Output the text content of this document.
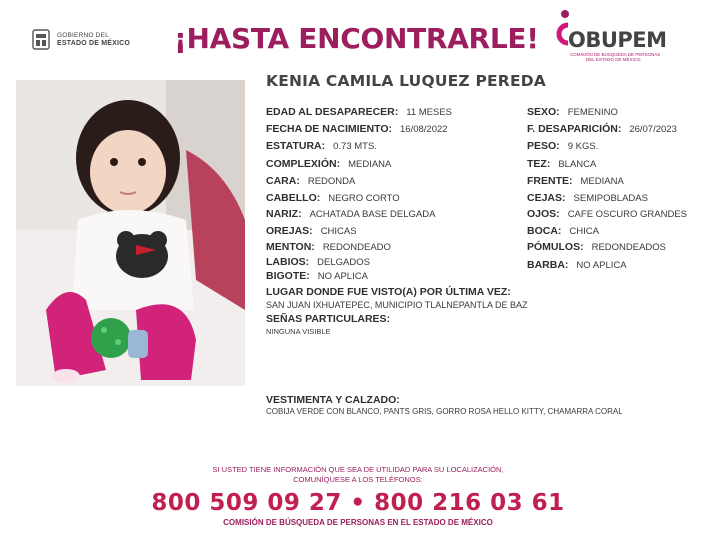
GOBIERNO DEL
ESTADO DE MÉXICO ¡HASTA ENCONTRARLE! OBUPEM
COMISIÓN DE BÚSQUEDA DE PERSONAS
DEL ESTADO DE MÉXICO
KENIA CAMILA LUQUEZ PEREDA
EDAD AL DESAPARECER: 11 MESES
FECHA DE NACIMIENTO: 16/08/2022
ESTATURA: 0.73 MTS.
COMPLEXIÓN: MEDIANA
CARA: REDONDA
CABELLO: NEGRO CORTO
NARIZ: ACHATADA BASE DELGADA
OREJAS: CHICAS
MENTON: REDONDEADO
LABIOS: DELGADOS
BIGOTE: NO APLICA
SEXO: FEMENINO
F. DESAPARICIÓN: 26/07/2023
PESO: 9 KGS.
TEZ: BLANCA
FRENTE: MEDIANA
CEJAS: SEMIPOBLADAS
OJOS: CAFE OSCURO GRANDES
BOCA: CHICA
PÓMULOS: REDONDEADOS
BARBA: NO APLICA
LUGAR DONDE FUE VISTO(A) POR ÚLTIMA VEZ:
SAN JUAN IXHUATEPEC, MUNICIPIO TLALNEPANTLA DE BAZ
SEÑAS PARTICULARES:
NINGUNA VISIBLE
VESTIMENTA Y CALZADO:
COBIJA VERDE CON BLANCO, PANTS GRIS, GORRO ROSA HELLO KITTY, CHAMARRA CORAL
SI USTED TIENE INFORMACIÓN QUE SEA DE UTILIDAD PARA SU LOCALIZACIÓN,
COMUNÍQUESE A LOS TELÉFONOS:
800 509 09 27 • 800 216 03 61
COMISIÓN DE BÚSQUEDA DE PERSONAS EN EL ESTADO DE MÉXICO
